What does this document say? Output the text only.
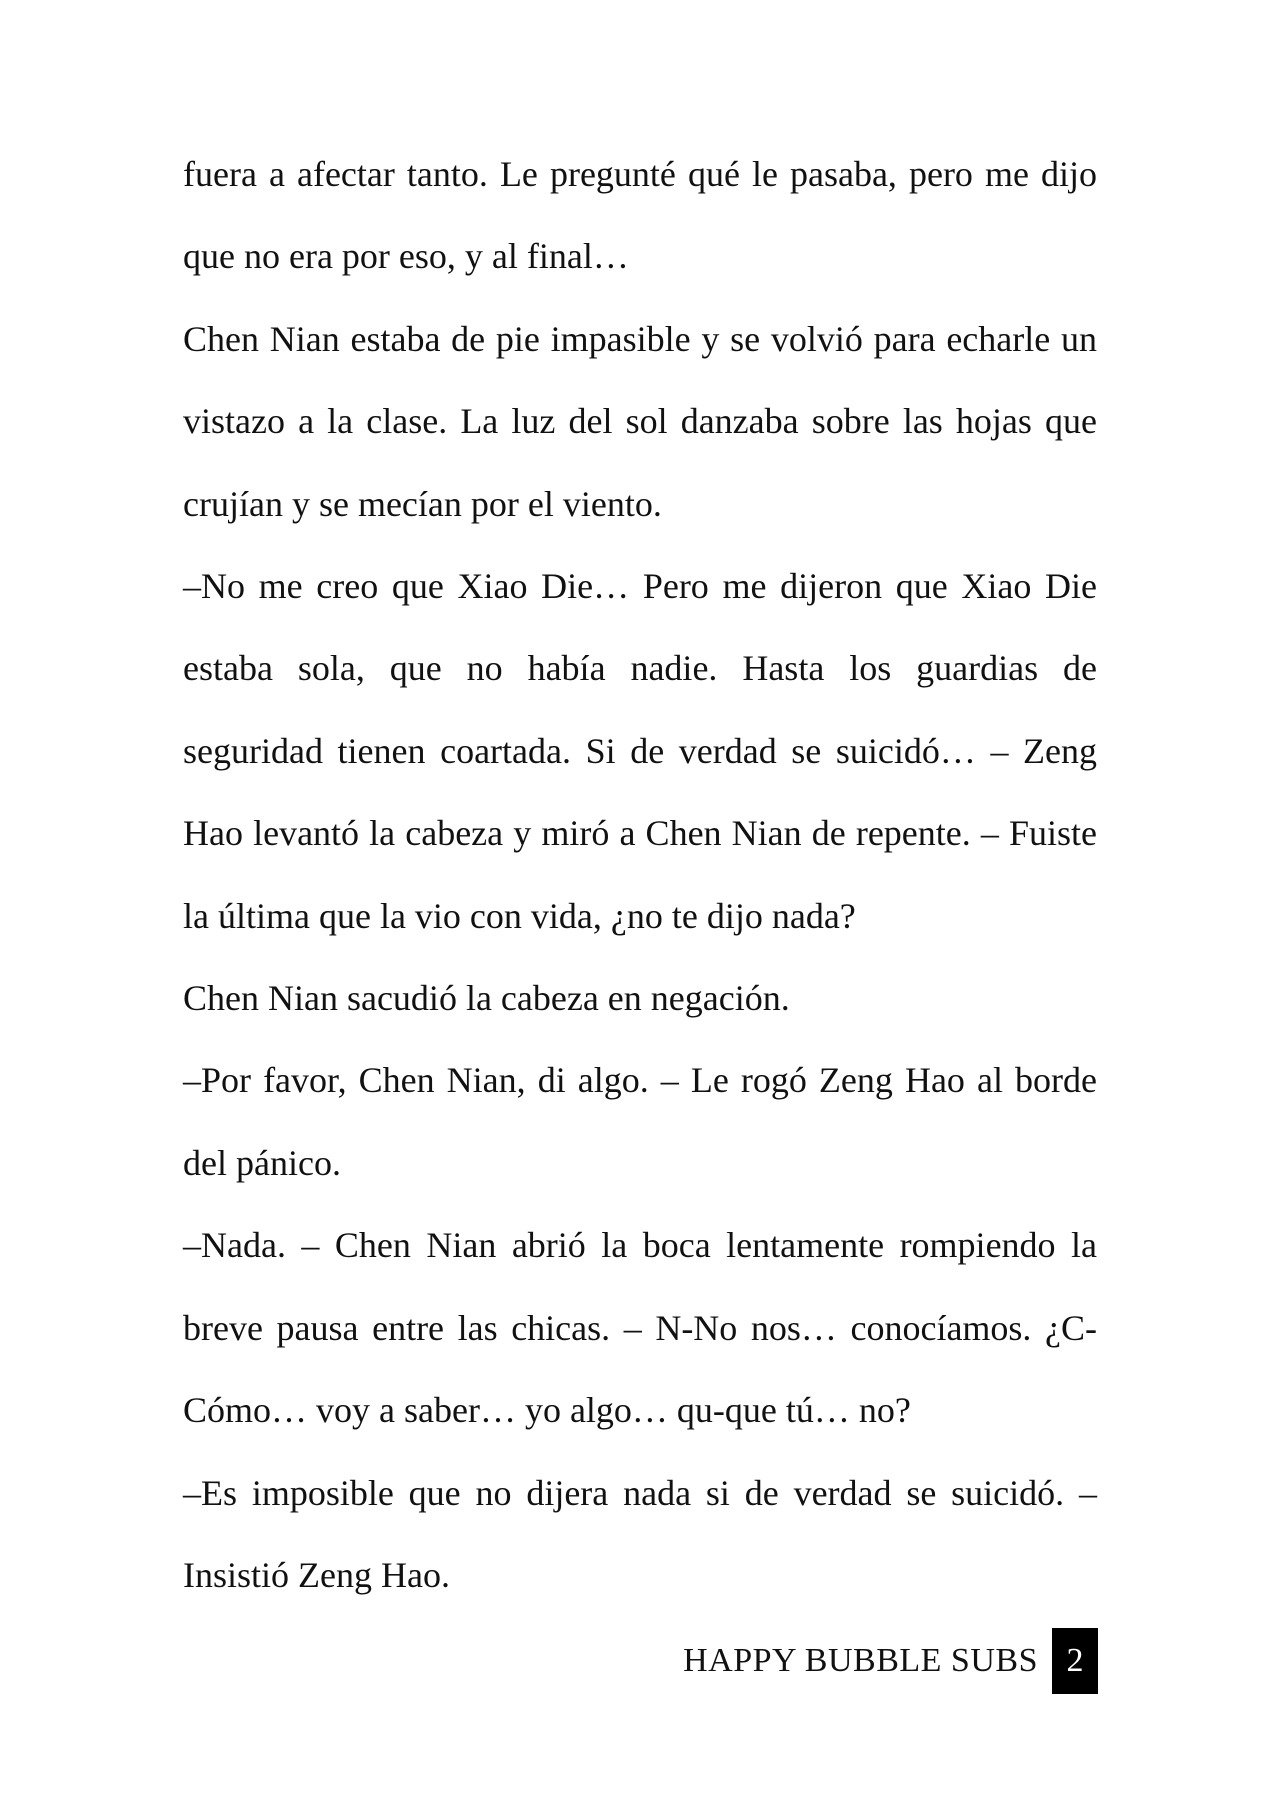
fuera a afectar tanto. Le pregunté qué le pasaba, pero me dijo que no era por eso, y al final…

Chen Nian estaba de pie impasible y se volvió para echarle un vistazo a la clase. La luz del sol danzaba sobre las hojas que crujían y se mecían por el viento.

–No me creo que Xiao Die… Pero me dijeron que Xiao Die estaba sola, que no había nadie. Hasta los guardias de seguridad tienen coartada. Si de verdad se suicidó… – Zeng Hao levantó la cabeza y miró a Chen Nian de repente. – Fuiste la última que la vio con vida, ¿no te dijo nada?

Chen Nian sacudió la cabeza en negación.

–Por favor, Chen Nian, di algo. – Le rogó Zeng Hao al borde del pánico.

–Nada. – Chen Nian abrió la boca lentamente rompiendo la breve pausa entre las chicas. – N-No nos… conocíamos. ¿C-Cómo… voy a saber… yo algo… qu-que tú… no?

–Es imposible que no dijera nada si de verdad se suicidó. – Insistió Zeng Hao.

HAPPY BUBBLE SUBS 2
